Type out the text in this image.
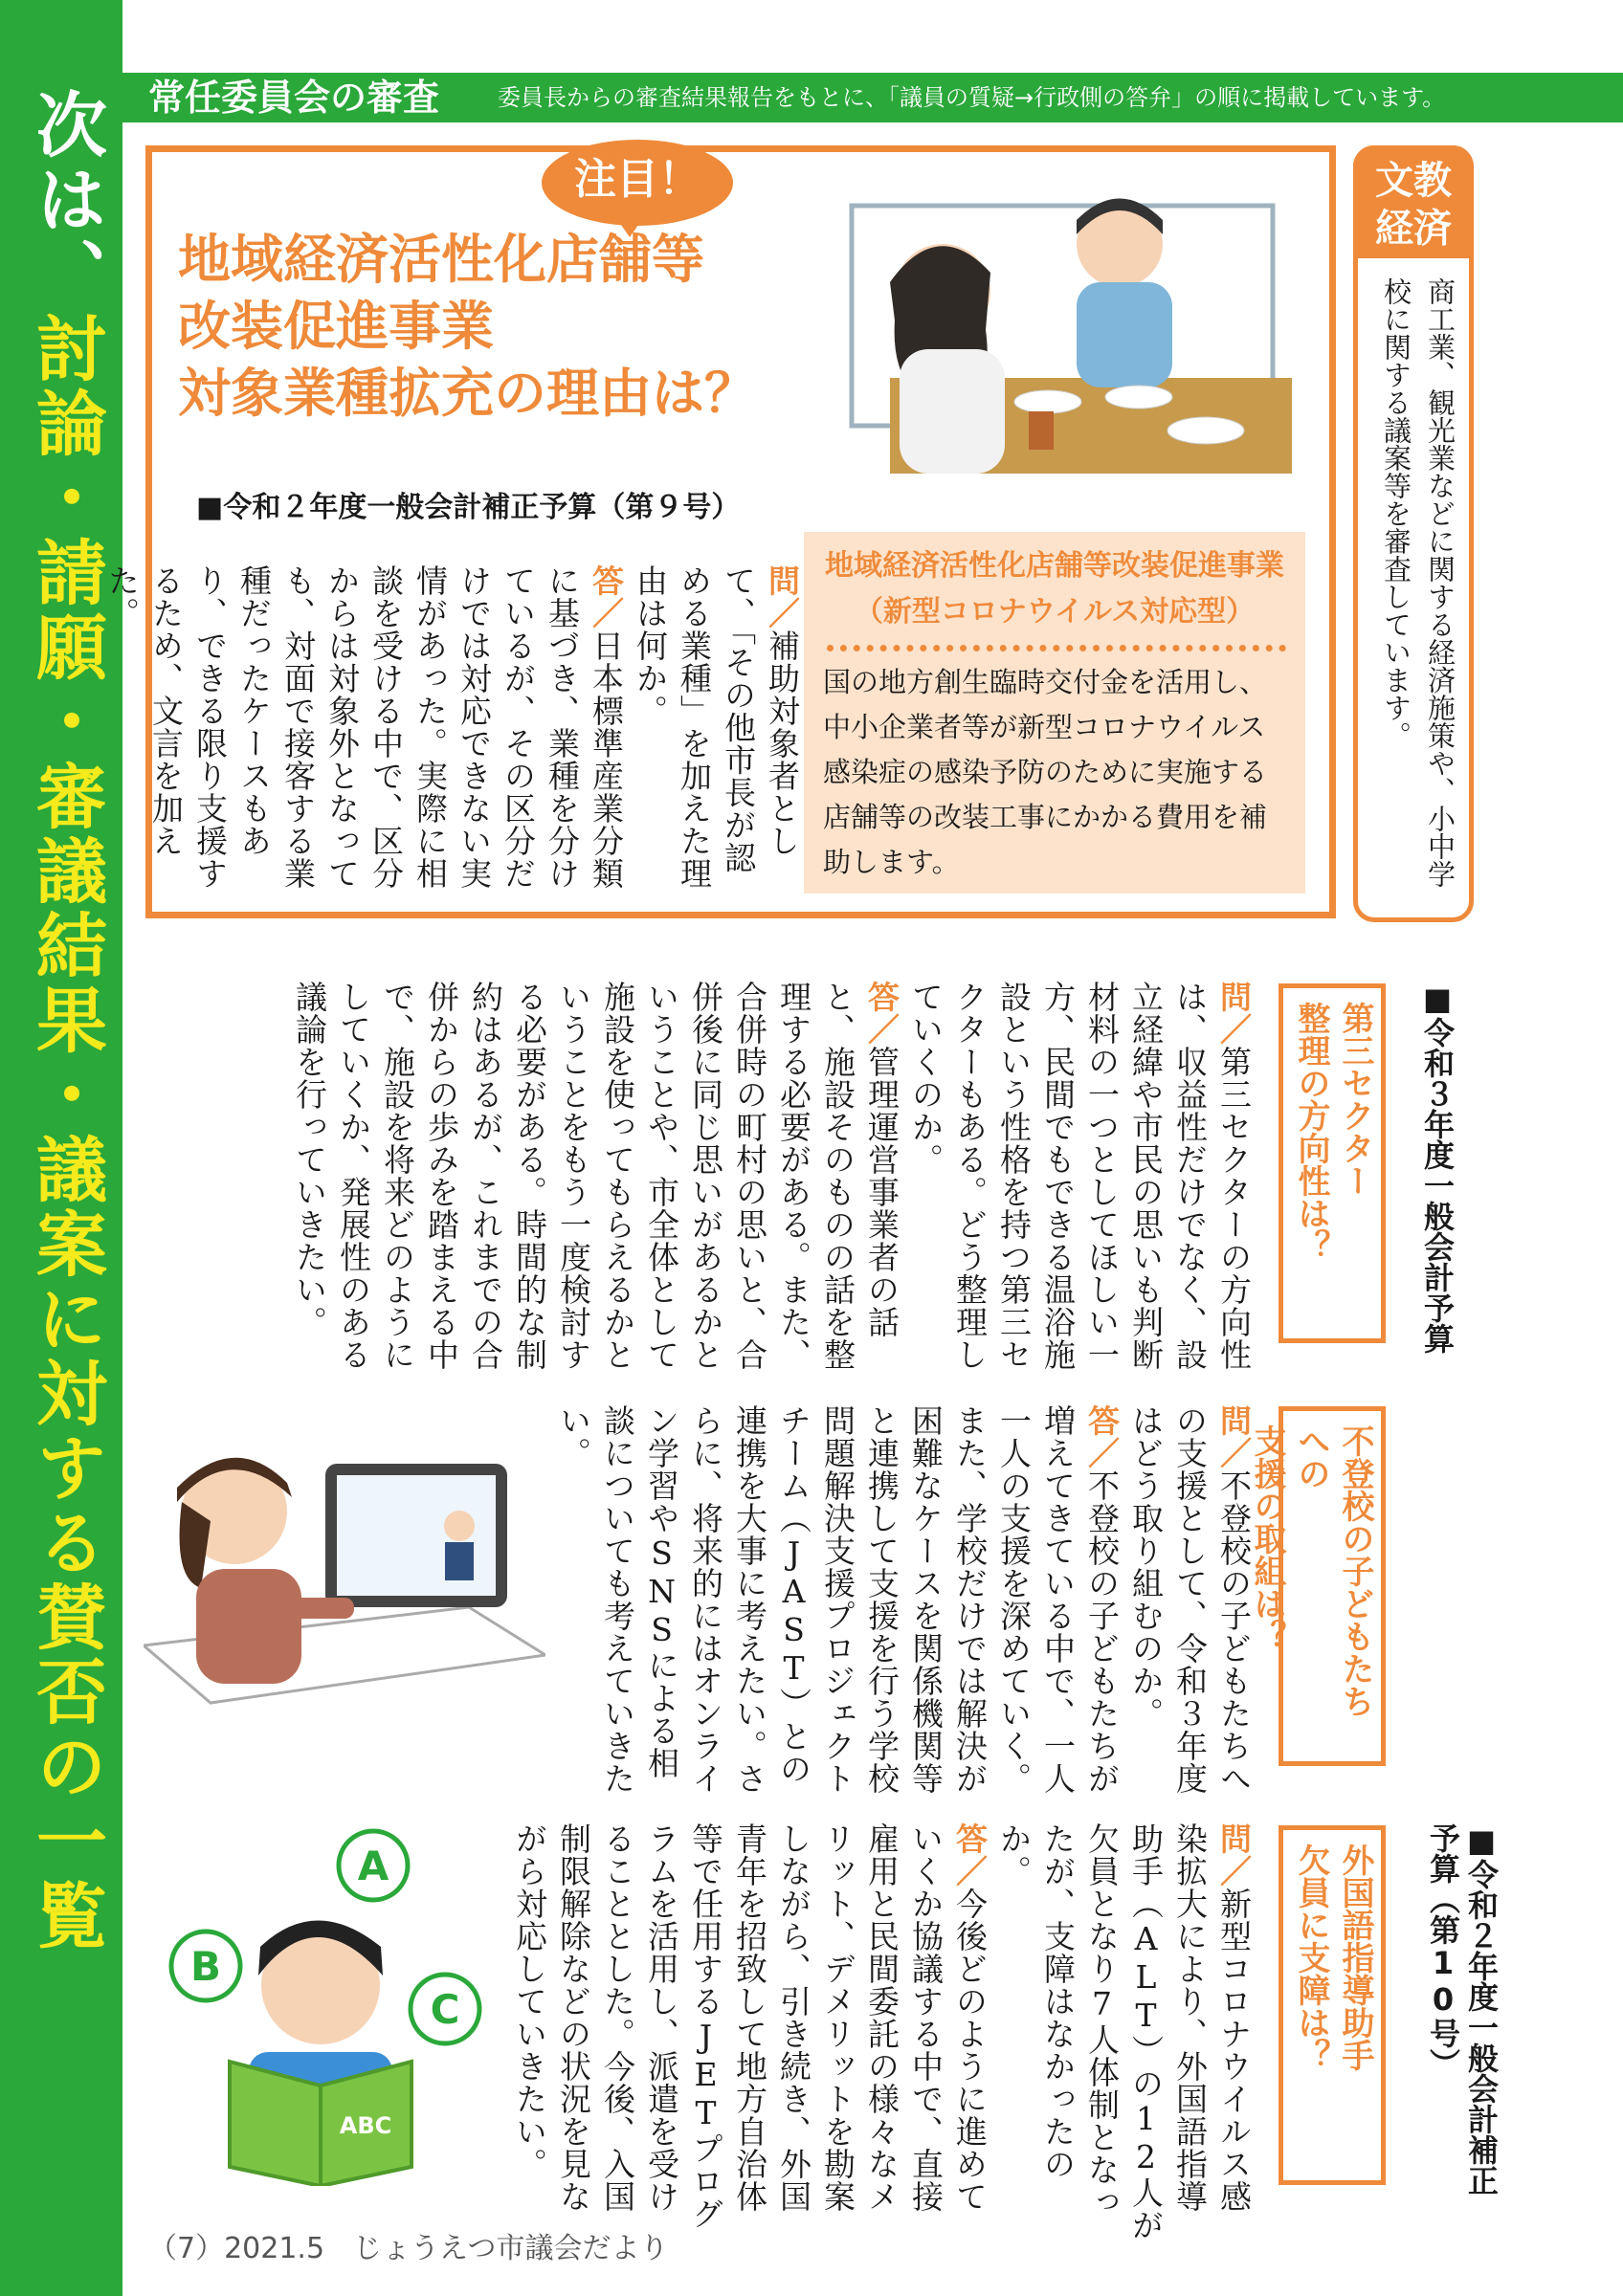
次は、討論・請願・審議結果・議案に対する賛否の一覧
常任委員会の審査	委員長からの審査結果報告をもとに、「議員の質疑→行政側の答弁」の順に掲載しています。
注目！
地域経済活性化店舗等
改装促進事業
対象業種拡充の理由は？
■令和２年度一般会計補正予算（第９号）
問／補助対象者として、「その他市長が認める業種」を加えた理由は何か。
答／日本標準産業分類に基づき、業種を分けているが、その区分だけでは対応できない実情があった。実際に相談を受ける中で、区分からは対象外となっても、対面で接客する業種だったケースもあり、できる限り支援するため、文言を加えた。	地域経済活性化店舗等改装促進事業
（新型コロナウイルス対応型）
国の地方創生臨時交付金を活用し、中小企業者等が新型コロナウイルス感染症の感染予防のために実施する店舗等の改装工事にかかる費用を補助します。
文教
経済
商工業、観光業などに関する経済施策や、小中学校に関する議案等を審査しています。
■令和３年度一般会計予算
第三セクター
整理の方向性は？
問／第三セクターの方向性は、収益性だけでなく、設立経緯や市民の思いも判断材料の一つとしてほしい一方、民間でもできる温浴施設という性格を持つ第三セクターもある。どう整理していくのか。
答／管理運営事業者の話と、施設そのものの話を整理する必要がある。また、合併時の町村の思いと、合併後に同じ思いがあるかということや、市全体として施設を使ってもらえるかということをもう一度検討する必要がある。時間的な制約はあるが、これまでの合併からの歩みを踏まえる中で、施設を将来どのようにしていくか、発展性のある議論を行っていきたい。
不登校の子どもたちへの
支援の取組は？
問／不登校の子どもたちへの支援として、令和３年度はどう取り組むのか。
答／不登校の子どもたちが増えてきている中で、一人一人の支援を深めていく。また、学校だけでは解決が困難なケースを関係機関等と連携して支援を行う学校問題解決支援プロジェクトチーム（JAST）との連携を大事に考えたい。さらに、将来的にはオンライン学習やSNSによる相談についても考えていきたい。
A
B
C
ABC	■令和２年度一般会計補正予算（第10号）
外国語指導助手
欠員に支障は？
問／新型コロナウイルス感染拡大により、外国語指導助手（ALT）の12人が欠員となり7人体制となったが、支障はなかったのか。
答／今後どのように進めていくか協議する中で、直接雇用と民間委託の様々なメリット、デメリットを勘案しながら、引き続き、外国青年を招致して地方自治体等で任用するJETプログラムを活用し、派遣を受けることとした。今後、入国制限解除などの状況を見ながら対応していきたい。
（7）2021.5　じょうえつ市議会だより
